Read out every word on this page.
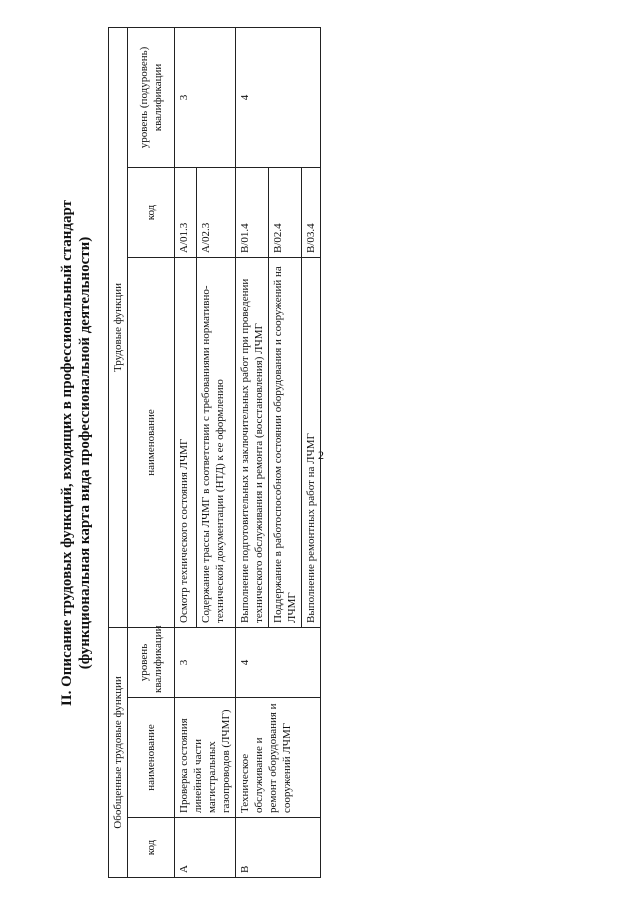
2
II. Описание трудовых функций, входящих в профессиональный стандарт (функциональная карта вида профессиональной деятельности)
Обобщенные трудовые функции			Трудовые функции		
код	наименование	уровень квалификации	наименование	код	уровень (подуровень) квалификации
А	Проверка состояния линейной части магистральных газопроводов (ЛЧМГ)	3	Осмотр технического состояния ЛЧМГ	А/01.3	3
			Содержание трассы ЛЧМГ в соответствии с требованиями нормативно-технической документации (НТД) к ее оформлению	А/02.3	
В	Техническое обслуживание и ремонт оборудования и сооружений ЛЧМГ	4	Выполнение подготовительных и заключительных работ при проведении технического обслуживания и ремонта (восстановления) ЛЧМГ	В/01.4	4
			Поддержание в работоспособном состоянии оборудования и сооружений на ЛЧМГ	В/02.4	
			Выполнение ремонтных работ на ЛЧМГ	В/03.4	
